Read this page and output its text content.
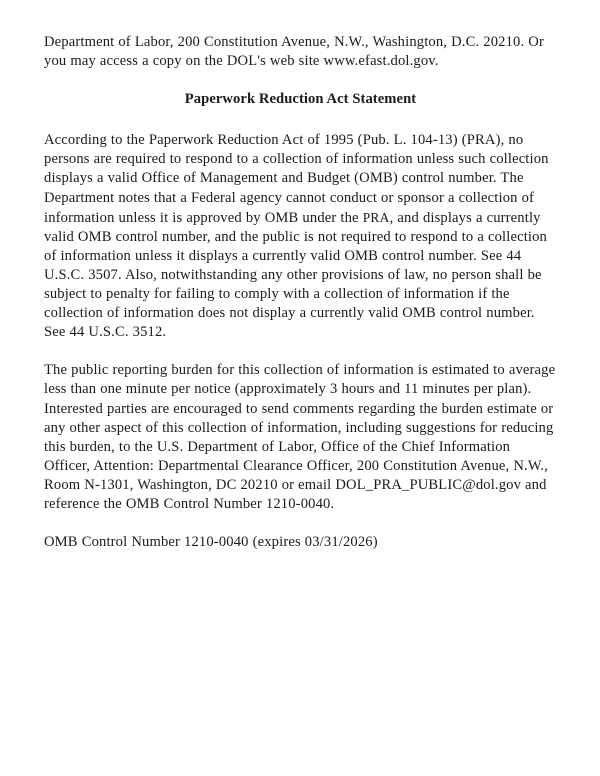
Department of Labor, 200 Constitution Avenue, N.W., Washington, D.C. 20210. Or you may access a copy on the DOL's web site www.efast.dol.gov.

Paperwork Reduction Act Statement

According to the Paperwork Reduction Act of 1995 (Pub. L. 104-13) (PRA), no persons are required to respond to a collection of information unless such collection displays a valid Office of Management and Budget (OMB) control number. The Department notes that a Federal agency cannot conduct or sponsor a collection of information unless it is approved by OMB under the PRA, and displays a currently valid OMB control number, and the public is not required to respond to a collection of information unless it displays a currently valid OMB control number. See 44 U.S.C. 3507. Also, notwithstanding any other provisions of law, no person shall be subject to penalty for failing to comply with a collection of information if the collection of information does not display a currently valid OMB control number. See 44 U.S.C. 3512.

The public reporting burden for this collection of information is estimated to average less than one minute per notice (approximately 3 hours and 11 minutes per plan). Interested parties are encouraged to send comments regarding the burden estimate or any other aspect of this collection of information, including suggestions for reducing this burden, to the U.S. Department of Labor, Office of the Chief Information Officer, Attention: Departmental Clearance Officer, 200 Constitution Avenue, N.W., Room N-1301, Washington, DC 20210 or email DOL_PRA_PUBLIC@dol.gov and reference the OMB Control Number 1210-0040.

OMB Control Number 1210-0040 (expires 03/31/2026)
